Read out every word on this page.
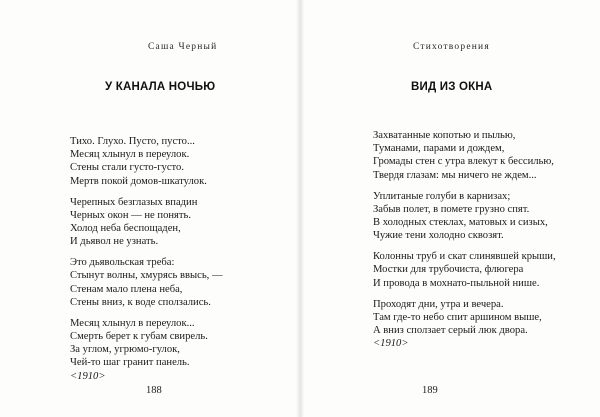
Саша Черный
У КАНАЛА НОЧЬЮ
Тихо. Глухо. Пусто, пусто...
Месяц хлынул в переулок.
Стены стали густо-густо.
Мертв покой домов-шкатулок.
Черепных безглазых впадин
Черных окон — не понять.
Холод неба беспощаден,
И дьявол не узнать.
Это дьявольская треба:
Стынут волны, хмурясь ввысь, —
Стенам мало плена неба,
Стены вниз, к воде сползались.
Месяц хлынул в переулок...
Смерть берет к губам свирель.
За углом, угрюмо-гулок,
Чей-то шаг гранит панель.
<1910>
188
Стихотворения
ВИД ИЗ ОКНА
Захватанные копотью и пылью,
Туманами, парами и дождем,
Громады стен с утра влекут к бессилью,
Твердя глазам: мы ничего не ждем...
Уплитаные голуби в карнизах;
Забыв полет, в помете грузно спят.
В холодных стеклах, матовых и сизых,
Чужие тени холодно сквозят.
Колонны труб и скат слинявшей крыши,
Мостки для трубочиста, флюгера
И провода в мохнато-пыльной нише.
Проходят дни, утра и вечера.
Там где-то небо спит аршином выше,
А вниз сползает серый люк двора.
<1910>
189
